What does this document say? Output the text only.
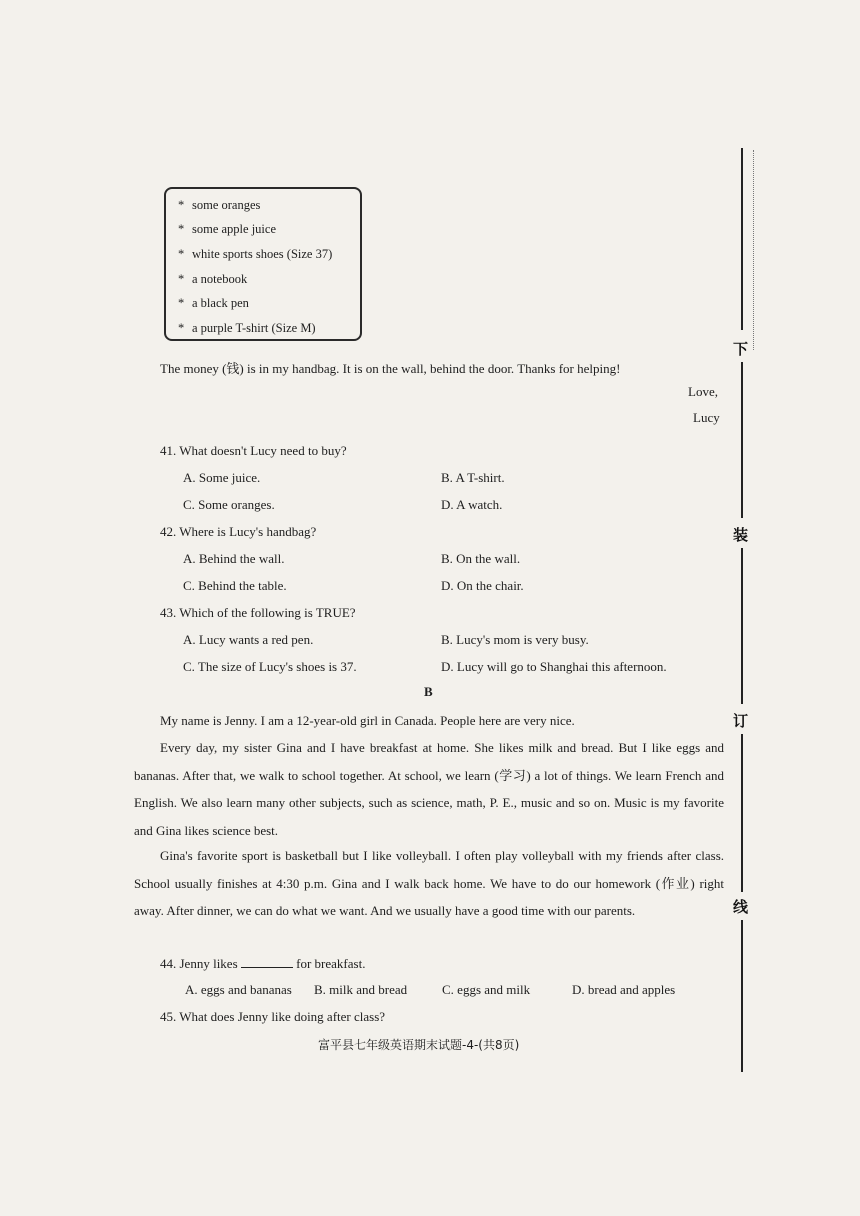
下
装
订
线
* some oranges
* some apple juice
* white sports shoes (Size 37)
* a notebook
* a black pen
* a purple T-shirt (Size M)
The money (钱) is in my handbag. It is on the wall, behind the door. Thanks for helping!
Love,
Lucy
41. What doesn't Lucy need to buy?
A. Some juice.	B. A T-shirt.
C. Some oranges.	D. A watch.
42. Where is Lucy's handbag?
A. Behind the wall.	B. On the wall.
C. Behind the table.	D. On the chair.
43. Which of the following is TRUE?
A. Lucy wants a red pen.	B. Lucy's mom is very busy.
C. The size of Lucy's shoes is 37.	D. Lucy will go to Shanghai this afternoon.
B
My name is Jenny. I am a 12-year-old girl in Canada. People here are very nice.
Every day, my sister Gina and I have breakfast at home. She likes milk and bread. But I like eggs and bananas. After that, we walk to school together. At school, we learn (学习) a lot of things. We learn French and English. We also learn many other subjects, such as science, math, P. E., music and so on. Music is my favorite and Gina likes science best.
Gina's favorite sport is basketball but I like volleyball. I often play volleyball with my friends after class. School usually finishes at 4:30 p.m. Gina and I walk back home. We have to do our homework (作业) right away. After dinner, we can do what we want. And we usually have a good time with our parents.
44. Jenny likes	for breakfast.
A. eggs and bananas B. milk and bread	C. eggs and milk	D. bread and apples
45. What does Jenny like doing after class?
富平县七年级英语期末试题-4-(共8页)
